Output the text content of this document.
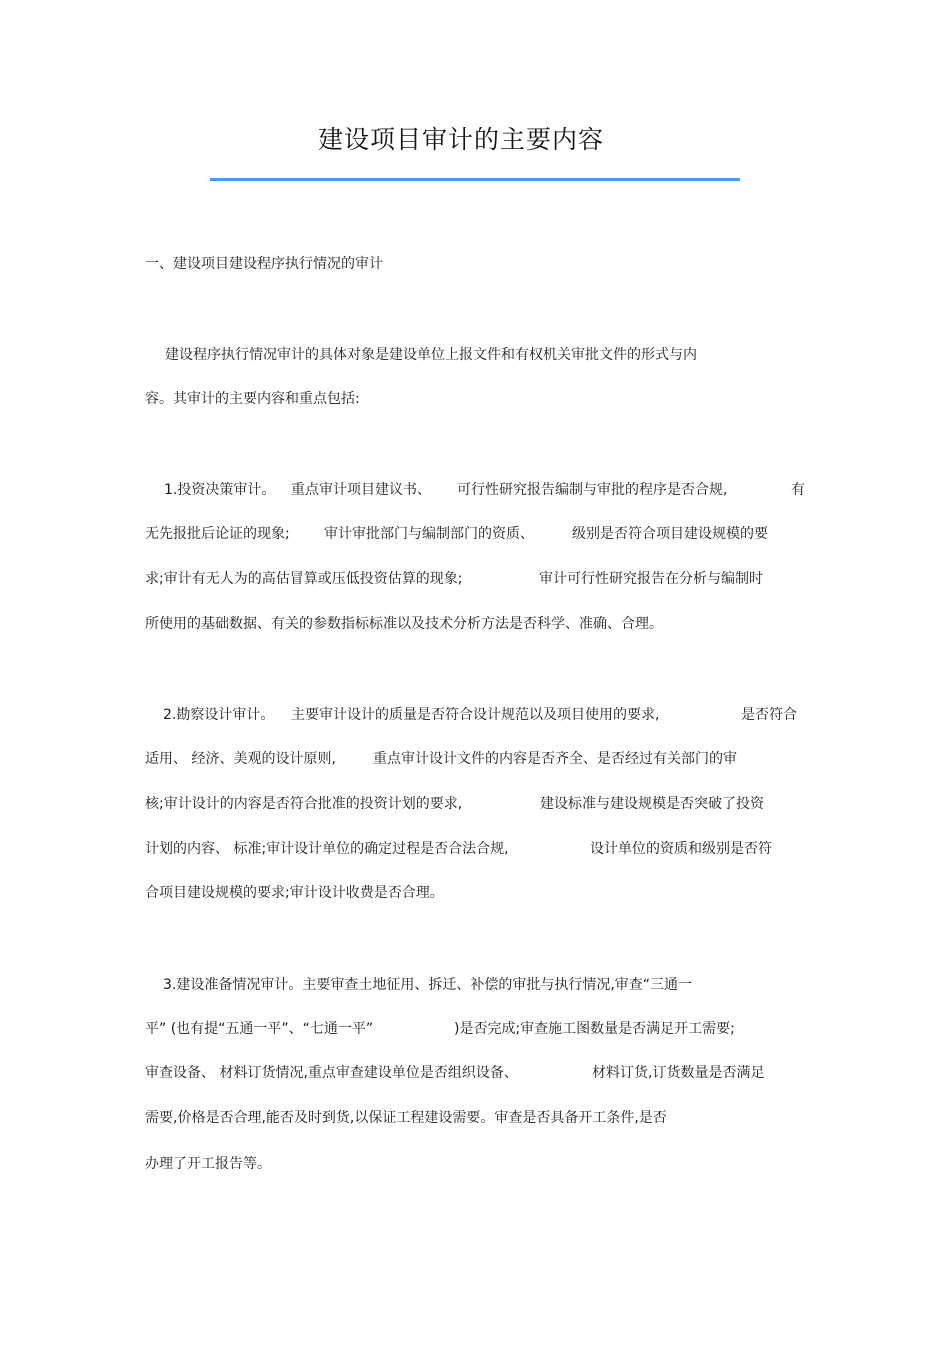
建设项目审计的主要内容
一、建设项目建设程序执行情况的审计
建设程序执行情况审计的具体对象是建设单位上报文件和有权机关审批文件的形式与内
容。其审计的主要内容和重点包括:
1.投资决策审计。 重点审计项目建议书、 可行性研究报告编制与审批的程序是否合规,	有
无先报批后论证的现象; 审计审批部门与编制部门的资质、	级别是否符合项目建设规模的要
求;审计有无人为的高估冒算或压低投资估算的现象;	审计可行性研究报告在分析与编制时
所使用的基础数据、有关的参数指标标准以及技术分析方法是否科学、准确、合理。
2.勘察设计审计。 主要审计设计的质量是否符合设计规范以及项目使用的要求,	是否符合
适用、 经济、美观的设计原则,	重点审计设计文件的内容是否齐全、是否经过有关部门的审
核;审计设计的内容是否符合批准的投资计划的要求,	建设标准与建设规模是否突破了投资
计划的内容、 标准;审计设计单位的确定过程是否合法合规,	设计单位的资质和级别是否符
合项目建设规模的要求;审计设计收费是否合理。
3.建设准备情况审计。主要审查土地征用、拆迁、补偿的审批与执行情况,审查“三通一
平” (也有提“五通一平”、“七通一平”	)是否完成;审查施工图数量是否满足开工需要;
审查设备、 材料订货情况,重点审查建设单位是否组织设备、	材料订货,订货数量是否满足
需要,价格是否合理,能否及时到货,以保证工程建设需要。审查是否具备开工条件,是否
办理了开工报告等。
